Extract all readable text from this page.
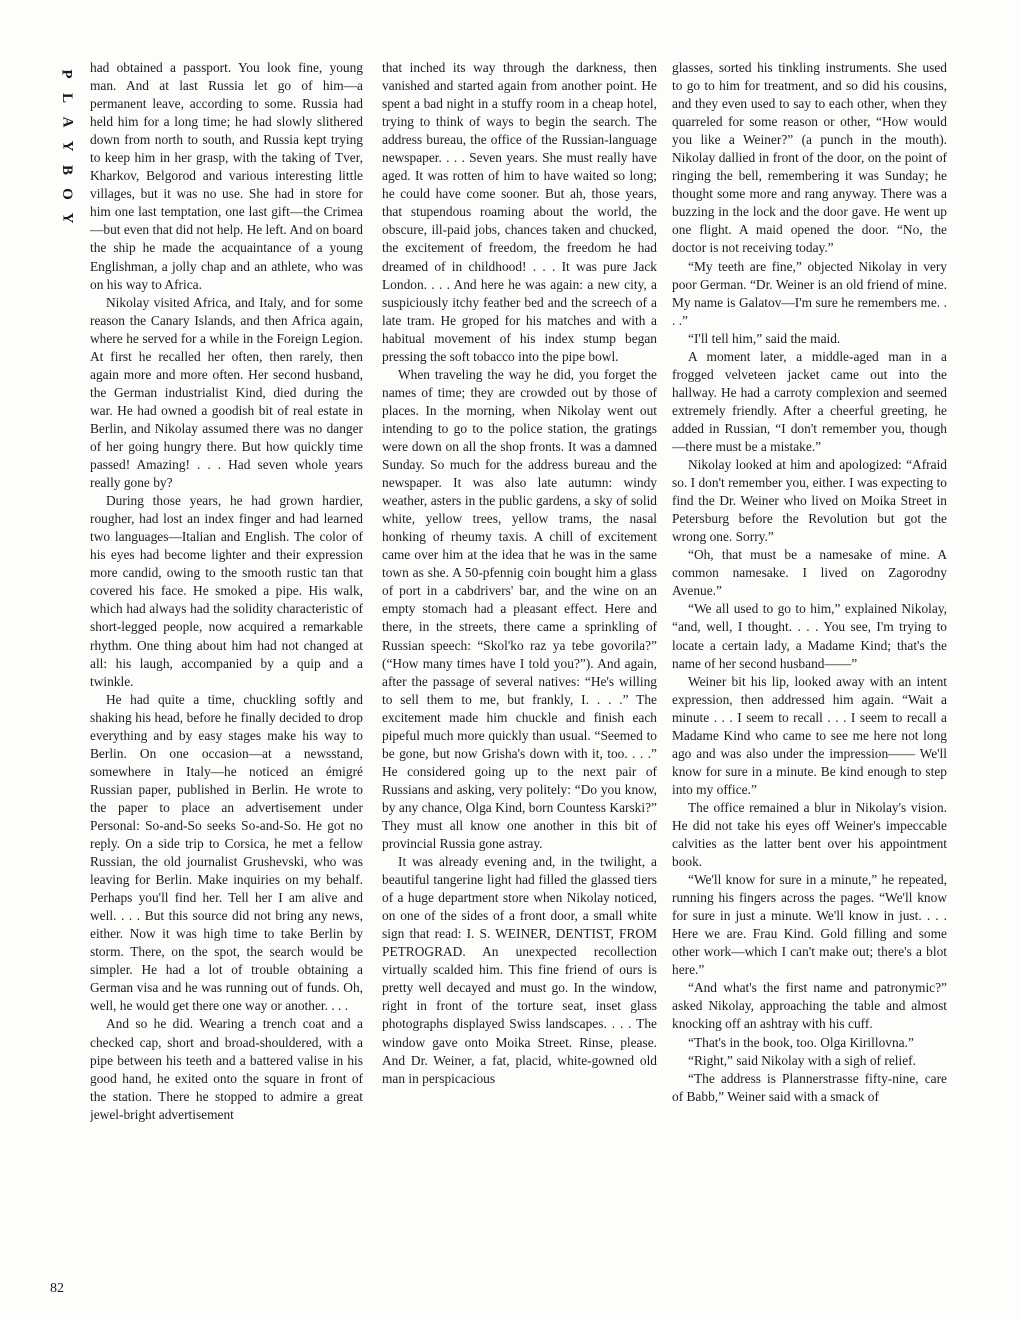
P
L
A
Y
B
O
Y

had obtained a passport. You look fine, young man. And at last Russia let go of him—a permanent leave, according to some. Russia had held him for a long time; he had slowly slithered down from north to south, and Russia kept trying to keep him in her grasp, with the taking of Tver, Kharkov, Belgorod and various interesting little villages, but it was no use. She had in store for him one last temptation, one last gift—the Crimea—but even that did not help. He left. And on board the ship he made the acquaintance of a young Englishman, a jolly chap and an athlete, who was on his way to Africa.

Nikolay visited Africa, and Italy, and for some reason the Canary Islands, and then Africa again, where he served for a while in the Foreign Legion. At first he recalled her often, then rarely, then again more and more often. Her second husband, the German industrialist Kind, died during the war. He had owned a goodish bit of real estate in Berlin, and Nikolay assumed there was no danger of her going hungry there. But how quickly time passed! Amazing! . . . Had seven whole years really gone by?

During those years, he had grown hardier, rougher, had lost an index finger and had learned two languages—Italian and English. The color of his eyes had become lighter and their expression more candid, owing to the smooth rustic tan that covered his face. He smoked a pipe. His walk, which had always had the solidity characteristic of short-legged people, now acquired a remarkable rhythm. One thing about him had not changed at all: his laugh, accompanied by a quip and a twinkle.

He had quite a time, chuckling softly and shaking his head, before he finally decided to drop everything and by easy stages make his way to Berlin. On one occasion—at a newsstand, somewhere in Italy—he noticed an émigré Russian paper, published in Berlin. He wrote to the paper to place an advertisement under Personal: So-and-So seeks So-and-So. He got no reply. On a side trip to Corsica, he met a fellow Russian, the old journalist Grushevski, who was leaving for Berlin. Make inquiries on my behalf. Perhaps you'll find her. Tell her I am alive and well. . . . But this source did not bring any news, either. Now it was high time to take Berlin by storm. There, on the spot, the search would be simpler. He had a lot of trouble obtaining a German visa and he was running out of funds. Oh, well, he would get there one way or another. . . .

And so he did. Wearing a trench coat and a checked cap, short and broad-shouldered, with a pipe between his teeth and a battered valise in his good hand, he exited onto the square in front of the station. There he stopped to admire a great jewel-bright advertisement

that inched its way through the darkness, then vanished and started again from another point. He spent a bad night in a stuffy room in a cheap hotel, trying to think of ways to begin the search. The address bureau, the office of the Russian-language newspaper. . . . Seven years. She must really have aged. It was rotten of him to have waited so long; he could have come sooner. But ah, those years, that stupendous roaming about the world, the obscure, ill-paid jobs, chances taken and chucked, the excitement of freedom, the freedom he had dreamed of in childhood! . . . It was pure Jack London. . . . And here he was again: a new city, a suspiciously itchy feather bed and the screech of a late tram. He groped for his matches and with a habitual movement of his index stump began pressing the soft tobacco into the pipe bowl.

When traveling the way he did, you forget the names of time; they are crowded out by those of places. In the morning, when Nikolay went out intending to go to the police station, the gratings were down on all the shop fronts. It was a damned Sunday. So much for the address bureau and the newspaper. It was also late autumn: windy weather, asters in the public gardens, a sky of solid white, yellow trees, yellow trams, the nasal honking of rheumy taxis. A chill of excitement came over him at the idea that he was in the same town as she. A 50-pfennig coin bought him a glass of port in a cabdrivers' bar, and the wine on an empty stomach had a pleasant effect. Here and there, in the streets, there came a sprinkling of Russian speech: “Skol'ko raz ya tebe govorila?” (“How many times have I told you?”). And again, after the passage of several natives: “He's willing to sell them to me, but frankly, I. . . .” The excitement made him chuckle and finish each pipeful much more quickly than usual. “Seemed to be gone, but now Grisha's down with it, too. . . .” He considered going up to the next pair of Russians and asking, very politely: “Do you know, by any chance, Olga Kind, born Countess Karski?” They must all know one another in this bit of provincial Russia gone astray.

It was already evening and, in the twilight, a beautiful tangerine light had filled the glassed tiers of a huge department store when Nikolay noticed, on one of the sides of a front door, a small white sign that read: I. S. WEINER, DENTIST, FROM PETROGRAD. An unexpected recollection virtually scalded him. This fine friend of ours is pretty well decayed and must go. In the window, right in front of the torture seat, inset glass photographs displayed Swiss landscapes. . . . The window gave onto Moika Street. Rinse, please. And Dr. Weiner, a fat, placid, white-gowned old man in perspicacious

glasses, sorted his tinkling instruments. She used to go to him for treatment, and so did his cousins, and they even used to say to each other, when they quarreled for some reason or other, “How would you like a Weiner?” (a punch in the mouth). Nikolay dallied in front of the door, on the point of ringing the bell, remembering it was Sunday; he thought some more and rang anyway. There was a buzzing in the lock and the door gave. He went up one flight. A maid opened the door. “No, the doctor is not receiving today.”

“My teeth are fine,” objected Nikolay in very poor German. “Dr. Weiner is an old friend of mine. My name is Galatov—I'm sure he remembers me. . . .”

“I'll tell him,” said the maid.

A moment later, a middle-aged man in a frogged velveteen jacket came out into the hallway. He had a carroty complexion and seemed extremely friendly. After a cheerful greeting, he added in Russian, “I don't remember you, though—there must be a mistake.”

Nikolay looked at him and apologized: “Afraid so. I don't remember you, either. I was expecting to find the Dr. Weiner who lived on Moika Street in Petersburg before the Revolution but got the wrong one. Sorry.”

“Oh, that must be a namesake of mine. A common namesake. I lived on Zagorodny Avenue.”

“We all used to go to him,” explained Nikolay, “and, well, I thought. . . . You see, I'm trying to locate a certain lady, a Madame Kind; that's the name of her second husband——”

Weiner bit his lip, looked away with an intent expression, then addressed him again. “Wait a minute . . . I seem to recall . . . I seem to recall a Madame Kind who came to see me here not long ago and was also under the impression—— We'll know for sure in a minute. Be kind enough to step into my office.”

The office remained a blur in Nikolay's vision. He did not take his eyes off Weiner's impeccable calvities as the latter bent over his appointment book.

“We'll know for sure in a minute,” he repeated, running his fingers across the pages. “We'll know for sure in just a minute. We'll know in just. . . . Here we are. Frau Kind. Gold filling and some other work—which I can't make out; there's a blot here.”

“And what's the first name and patronymic?” asked Nikolay, approaching the table and almost knocking off an ashtray with his cuff.

“That's in the book, too. Olga Kirillovna.”

“Right,” said Nikolay with a sigh of relief.

“The address is Plannerstrasse fifty-nine, care of Babb,” Weiner said with a smack of

82
